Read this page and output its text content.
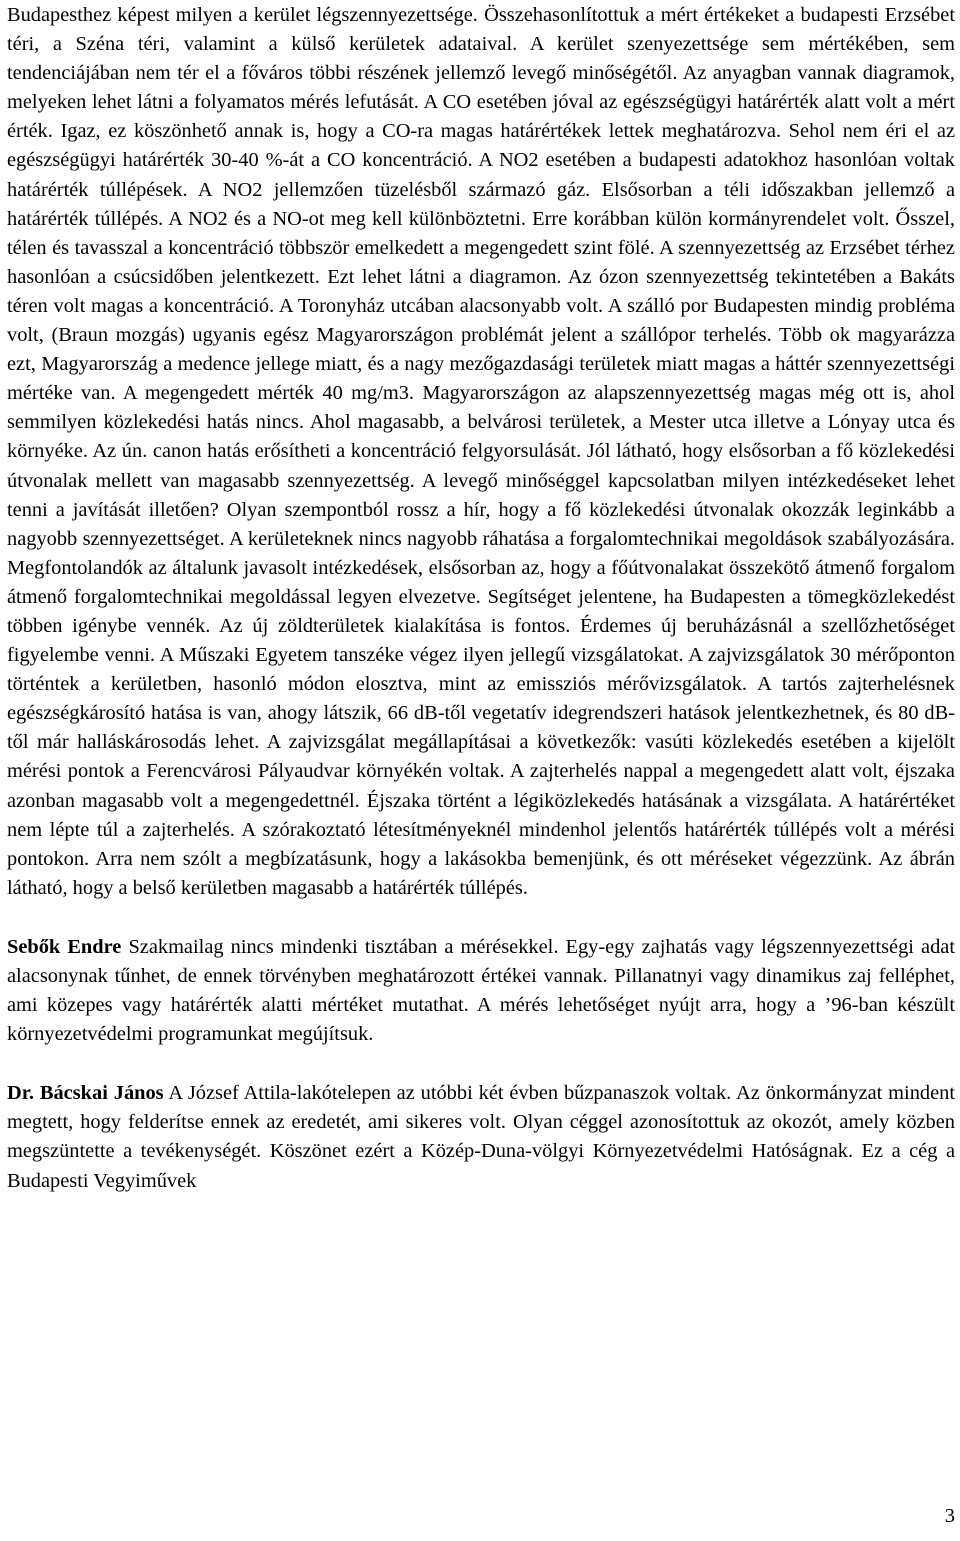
Budapesthez képest milyen a kerület légszennyezettsége. Összehasonlítottuk a mért értékeket a budapesti Erzsébet téri, a Széna téri, valamint a külső kerületek adataival. A kerület szenyezettsége sem mértékében, sem tendenciájában nem tér el a főváros többi részének jellemző levegő minőségétől. Az anyagban vannak diagramok, melyeken lehet látni a folyamatos mérés lefutását. A CO esetében jóval az egészségügyi határérték alatt volt a mért érték. Igaz, ez köszönhető annak is, hogy a CO-ra magas határértékek lettek meghatározva. Sehol nem éri el az egészségügyi határérték 30-40 %-át a CO koncentráció. A NO2 esetében a budapesti adatokhoz hasonlóan voltak határérték túllépések. A NO2 jellemzően tüzelésből származó gáz. Elsősorban a téli időszakban jellemző a határérték túllépés. A NO2 és a NO-ot meg kell különböztetni. Erre korábban külön kormányrendelet volt. Ősszel, télen és tavasszal a koncentráció többször emelkedett a megengedett szint fölé. A szennyezettség az Erzsébet térhez hasonlóan a csúcsidőben jelentkezett. Ezt lehet látni a diagramon. Az ózon szennyezettség tekintetében a Bakáts téren volt magas a koncentráció. A Toronyház utcában alacsonyabb volt. A szálló por Budapesten mindig probléma volt, (Braun mozgás) ugyanis egész Magyarországon problémát jelent a szállópor terhelés. Több ok magyarázza ezt, Magyarország a medence jellege miatt, és a nagy mezőgazdasági területek miatt magas a háttér szennyezettségi mértéke van. A megengedett mérték 40 mg/m3. Magyarországon az alapszennyezettség magas még ott is, ahol semmilyen közlekedési hatás nincs. Ahol magasabb, a belvárosi területek, a Mester utca illetve a Lónyay utca és környéke. Az ún. canon hatás erősítheti a koncentráció felgyorsulását. Jól látható, hogy elsősorban a fő közlekedési útvonalak mellett van magasabb szennyezettség. A levegő minőséggel kapcsolatban milyen intézkedéseket lehet tenni a javítását illetően? Olyan szempontból rossz a hír, hogy a fő közlekedési útvonalak okozzák leginkább a nagyobb szennyezettséget. A kerületeknek nincs nagyobb ráhatása a forgalomtechnikai megoldások szabályozására. Megfontolandók az általunk javasolt intézkedések, elsősorban az, hogy a főútvonalakat összekötő átmenő forgalom átmenő forgalomtechnikai megoldással legyen elvezetve. Segítséget jelentene, ha Budapesten a tömegközlekedést többen igénybe vennék. Az új zöldterületek kialakítása is fontos. Érdemes új beruházásnál a szellőzhetőséget figyelembe venni. A Műszaki Egyetem tanszéke végez ilyen jellegű vizsgálatokat. A zajvizsgálatok 30 mérőponton történtek a kerületben, hasonló módon elosztva, mint az emissziós mérővizsgálatok. A tartós zajterhelésnek egészségkárosító hatása is van, ahogy látszik, 66 dB-től vegetatív idegrendszeri hatások jelentkezhetnek, és 80 dB-től már halláskárosodás lehet. A zajvizsgálat megállapításai a következők: vasúti közlekedés esetében a kijelölt mérési pontok a Ferencvárosi Pályaudvar környékén voltak. A zajterhelés nappal a megengedett alatt volt, éjszaka azonban magasabb volt a megengedettnél. Éjszaka történt a légiközlekedés hatásának a vizsgálata. A határértéket nem lépte túl a zajterhelés. A szórakoztató létesítményeknél mindenhol jelentős határérték túllépés volt a mérési pontokon. Arra nem szólt a megbízatásunk, hogy a lakásokba bemenjünk, és ott méréseket végezzünk. Az ábrán látható, hogy a belső kerületben magasabb a határérték túllépés.

Sebők Endre Szakmailag nincs mindenki tisztában a mérésekkel. Egy-egy zajhatás vagy légszennyezettségi adat alacsonynak tűnhet, de ennek törvényben meghatározott értékei vannak. Pillanatnyi vagy dinamikus zaj felléphet, ami közepes vagy határérték alatti mértéket mutathat. A mérés lehetőséget nyújt arra, hogy a ’96-ban készült környezetvédelmi programunkat megújítsuk.

Dr. Bácskai János A József Attila-lakótelepen az utóbbi két évben bűzpanaszok voltak. Az önkormányzat mindent megtett, hogy felderítse ennek az eredetét, ami sikeres volt. Olyan céggel azonosítottuk az okozót, amely közben megszüntette a tevékenységét. Köszönet ezért a Közép-Duna-völgyi Környezetvédelmi Hatóságnak. Ez a cég a Budapesti Vegyiművek

3
